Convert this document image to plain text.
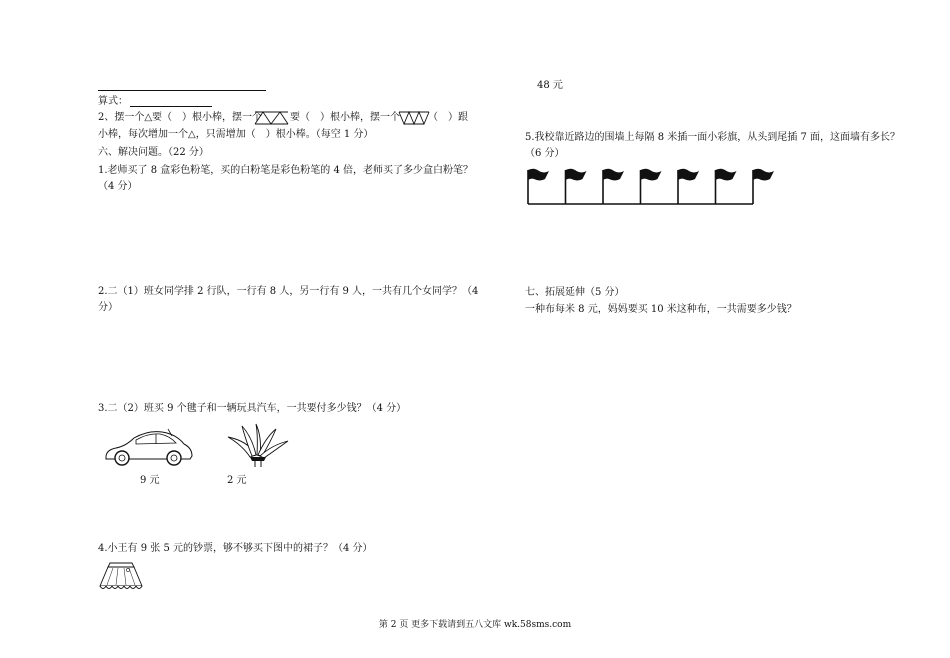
算式：
2、摆一个△要（　）根小棒，摆一个	要（　）根小棒，摆一个	（　）跟
小棒，每次增加一个△，只需增加（　）根小棒。（每空 1 分）
六、解决问题。（22 分）
1.老师买了 8 盒彩色粉笔，买的白粉笔是彩色粉笔的 4 倍，老师买了多少盒白粉笔？
（4 分）
2.二（1）班女同学排 2 行队，一行有 8 人，另一行有 9 人，一共有几个女同学？（4
分）
3.二（2）班买 9 个毽子和一辆玩具汽车，一共要付多少钱？（4 分）
9 元	2 元
4.小王有 9 张 5 元的钞票，够不够买下图中的裙子？（4 分）
48 元
5.我校靠近路边的围墙上每隔 8 米插一面小彩旗，从头到尾插 7 面，这面墙有多长？
（6 分）
七、拓展延伸（5 分）
一种布每米 8 元，妈妈要买 10 米这种布，一共需要多少钱？
第 2 页 更多下载请到五八文库 wk.58sms.com
